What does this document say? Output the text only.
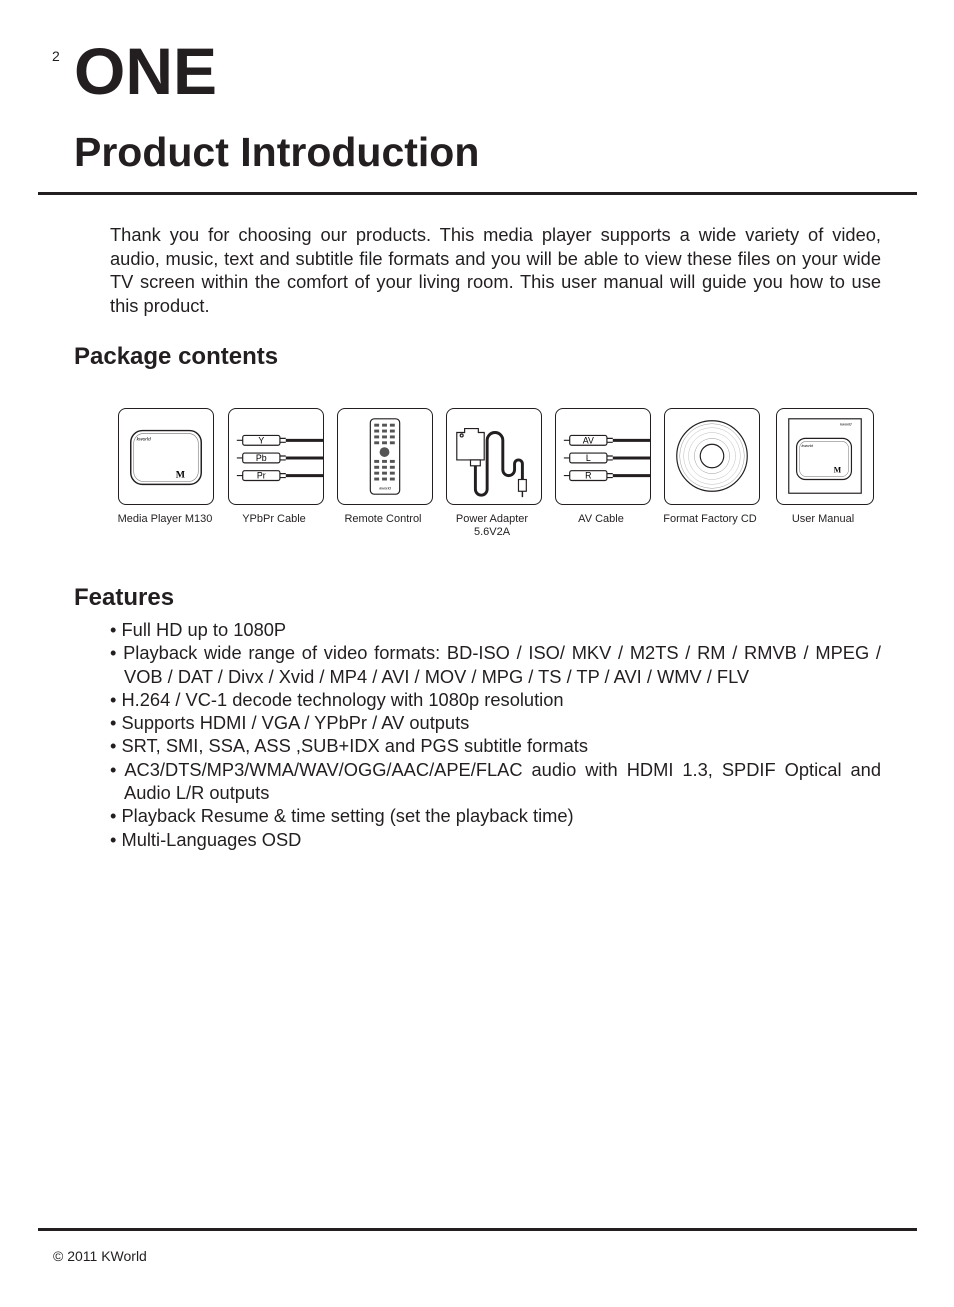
2 ONE
Product Introduction

Thank you for choosing our products. This media player supports a wide variety of video, audio, music, text and subtitle file formats and you will be able to view these files on your wide TV screen within the comfort of your living room. This user manual will guide you how to use this product.

Package contents
kworld
M
Media Player M130
Y
Pb
Pr
YPbPr Cable
kworld
Remote Control	Power Adapter
5.6V2A
AV
L
R
AV Cable	Format Factory CD
kworld
kworld
M
User Manual
Features
• Full HD up to 1080P
• Playback wide range of video formats: BD-ISO / ISO/ MKV / M2TS / RM / RMVB / MPEG / VOB / DAT / Divx / Xvid / MP4 / AVI / MOV / MPG / TS / TP / AVI / WMV / FLV
• H.264 / VC-1 decode technology with 1080p resolution
• Supports HDMI / VGA / YPbPr / AV outputs
• SRT, SMI, SSA, ASS ,SUB+IDX and PGS subtitle formats
• AC3/DTS/MP3/WMA/WAV/OGG/AAC/APE/FLAC audio with HDMI 1.3, SPDIF Optical and Audio L/R outputs
• Playback Resume & time setting (set the playback time)
• Multi-Languages OSD
© 2011 KWorld
